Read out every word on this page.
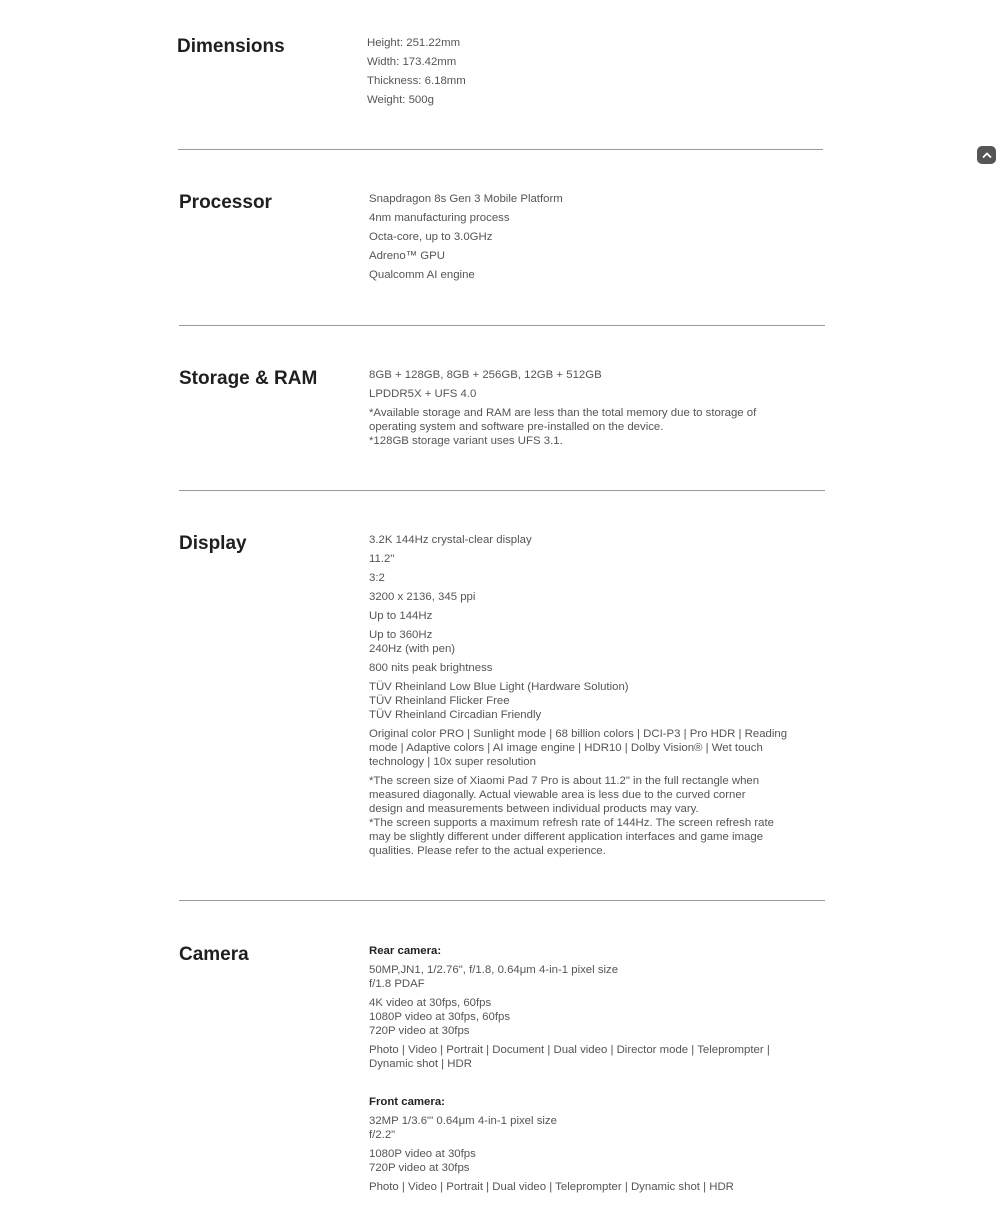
Dimensions	Height: 251.22mm
Width: 173.42mm
Thickness: 6.18mm
Weight: 500g
Processor	Snapdragon 8s Gen 3 Mobile Platform
4nm manufacturing process
Octa-core, up to 3.0GHz
Adreno™ GPU
Qualcomm AI engine
Storage & RAM	8GB + 128GB, 8GB + 256GB, 12GB + 512GB
LPDDR5X + UFS 4.0
*Available storage and RAM are less than the total memory due to storage of
operating system and software pre-installed on the device.
*128GB storage variant uses UFS 3.1.
Display	3.2K 144Hz crystal-clear display
11.2"
3:2
3200 x 2136, 345 ppi
Up to 144Hz
Up to 360Hz
240Hz (with pen)
800 nits peak brightness
TÜV Rheinland Low Blue Light (Hardware Solution)
TÜV Rheinland Flicker Free
TÜV Rheinland Circadian Friendly
Original color PRO | Sunlight mode | 68 billion colors | DCI-P3 | Pro HDR | Reading
mode | Adaptive colors | AI image engine | HDR10 | Dolby Vision® | Wet touch
technology | 10x super resolution
*The screen size of Xiaomi Pad 7 Pro is about 11.2" in the full rectangle when
measured diagonally. Actual viewable area is less due to the curved corner
design and measurements between individual products may vary.
*The screen supports a maximum refresh rate of 144Hz. The screen refresh rate
may be slightly different under different application interfaces and game image
qualities. Please refer to the actual experience.
Camera	Rear camera:
50MP,JN1, 1/2.76", f/1.8, 0.64μm 4-in-1 pixel size
f/1.8 PDAF
4K video at 30fps, 60fps
1080P video at 30fps, 60fps
720P video at 30fps
Photo | Video | Portrait | Document | Dual video | Director mode | Teleprompter |
Dynamic shot | HDR
Front camera:
32MP 1/3.6"' 0.64μm 4-in-1 pixel size
f/2.2"
1080P video at 30fps
720P video at 30fps
Photo | Video | Portrait | Dual video | Teleprompter | Dynamic shot | HDR
